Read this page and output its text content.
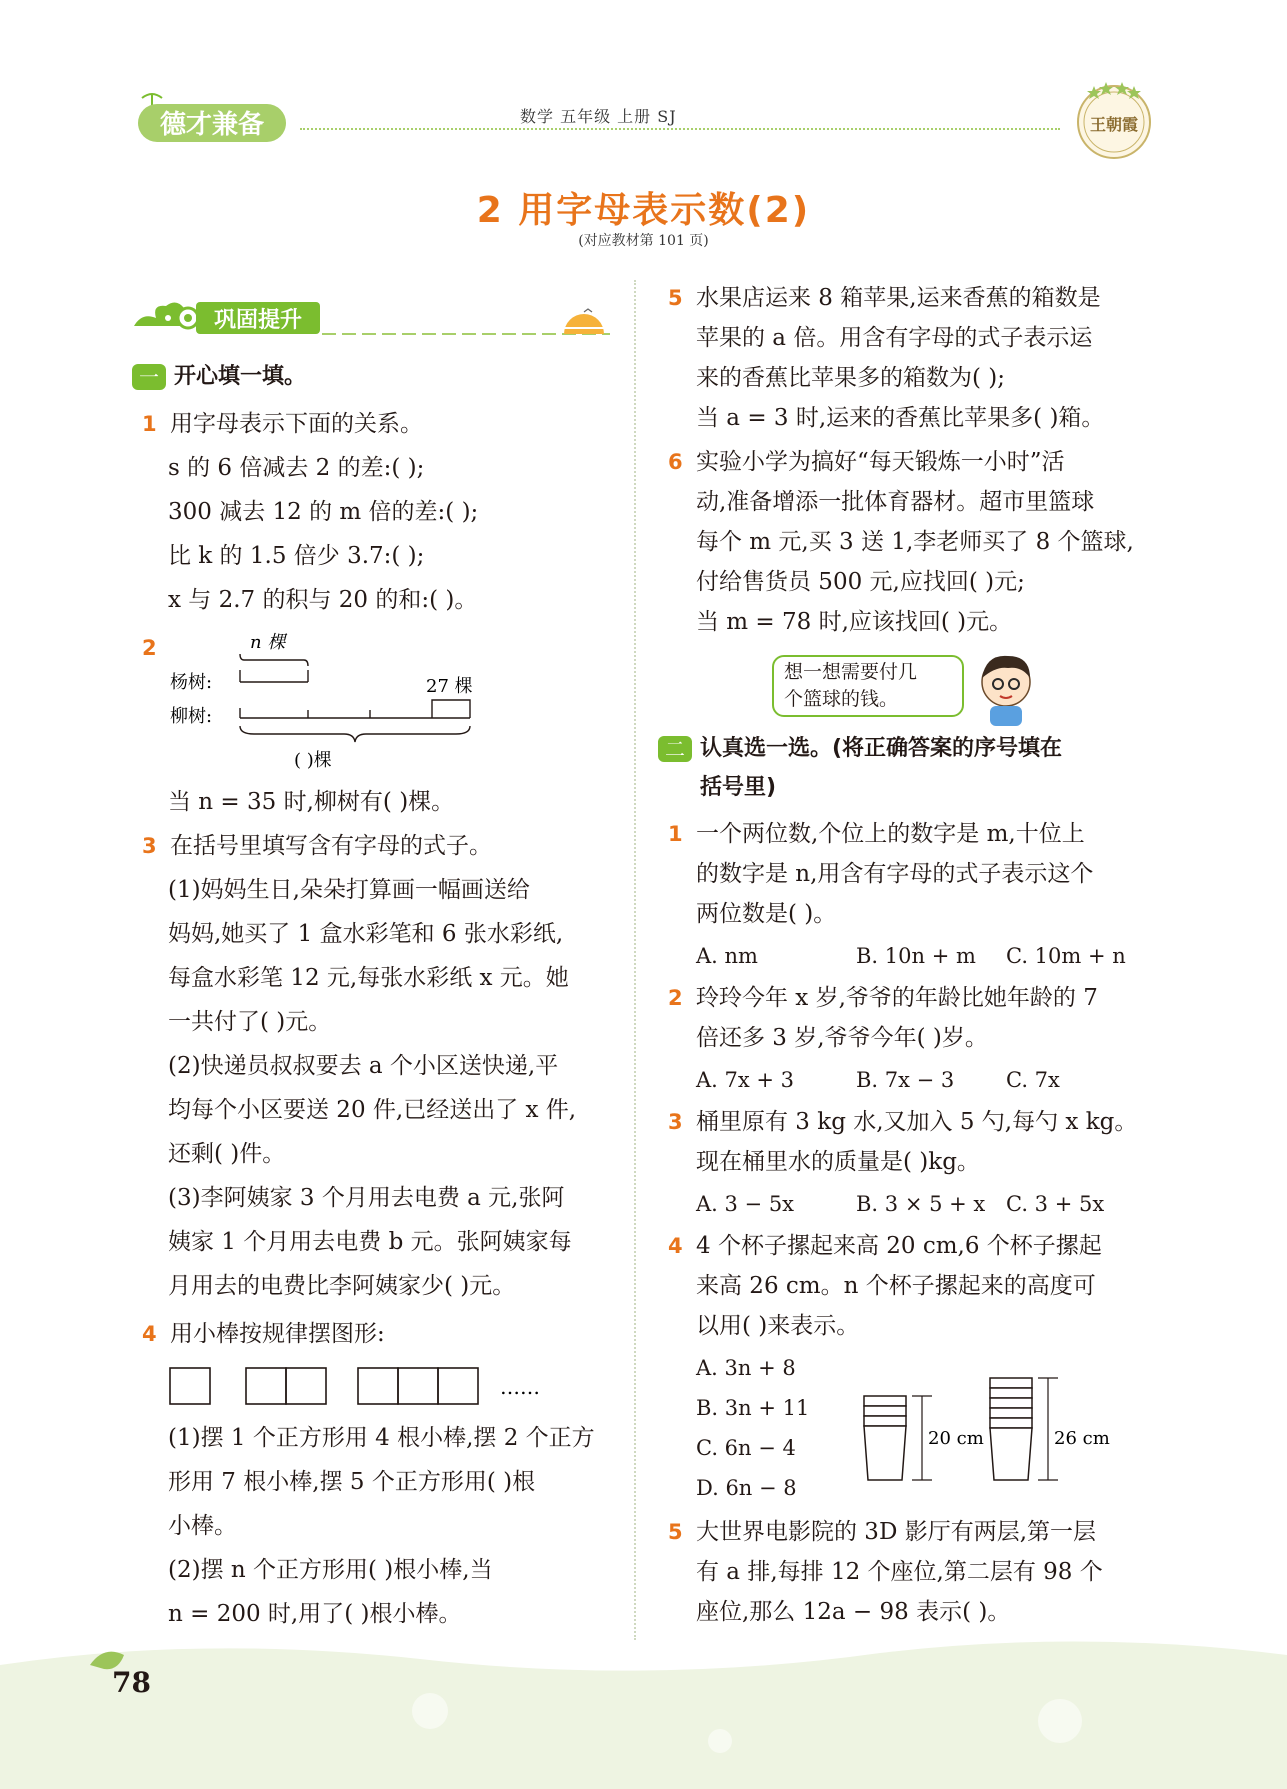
德才兼备	数学 五年级 上册 SJ	王朝霞
2 用字母表示数(2)
(对应教材第 101 页)
巩固提升
一 开心填一填。
1 用字母表示下面的关系。
s 的 6 倍减去 2 的差:( );
300 减去 12 的 m 倍的差:( );
比 k 的 1.5 倍少 3.7:( );
x 与 2.7 的积与 20 的和:( )。
2	n 棵
杨树:	27 棵
柳树:
( )棵
当 n = 35 时,柳树有( )棵。
3 在括号里填写含有字母的式子。
(1)妈妈生日,朵朵打算画一幅画送给
妈妈,她买了 1 盒水彩笔和 6 张水彩纸,
每盒水彩笔 12 元,每张水彩纸 x 元。她
一共付了( )元。
(2)快递员叔叔要去 a 个小区送快递,平
均每个小区要送 20 件,已经送出了 x 件,
还剩( )件。
(3)李阿姨家 3 个月用去电费 a 元,张阿
姨家 1 个月用去电费 b 元。张阿姨家每
月用去的电费比李阿姨家少( )元。
4 用小棒按规律摆图形:
……
(1)摆 1 个正方形用 4 根小棒,摆 2 个正方
形用 7 根小棒,摆 5 个正方形用( )根
小棒。
(2)摆 n 个正方形用( )根小棒,当
n = 200 时,用了( )根小棒。
5 水果店运来 8 箱苹果,运来香蕉的箱数是
苹果的 a 倍。用含有字母的式子表示运
来的香蕉比苹果多的箱数为( );
当 a = 3 时,运来的香蕉比苹果多( )箱。
6 实验小学为搞好“每天锻炼一小时”活
动,准备增添一批体育器材。超市里篮球
每个 m 元,买 3 送 1,李老师买了 8 个篮球,
付给售货员 500 元,应找回( )元;
当 m = 78 时,应该找回( )元。
想一想需要付几
个篮球的钱。
二 认真选一选。(将正确答案的序号填在
括号里)
1 一个两位数,个位上的数字是 m,十位上
的数字是 n,用含有字母的式子表示这个
两位数是( )。
A. nm	B. 10n + m C. 10m + n
2 玲玲今年 x 岁,爷爷的年龄比她年龄的 7
倍还多 3 岁,爷爷今年( )岁。
A. 7x + 3	B. 7x − 3 C. 7x
3 桶里原有 3 kg 水,又加入 5 勺,每勺 x kg。
现在桶里水的质量是( )kg。
A. 3 − 5x	B. 3 × 5 + x C. 3 + 5x
4 4 个杯子摞起来高 20 cm,6 个杯子摞起
来高 26 cm。n 个杯子摞起来的高度可
以用( )来表示。
A. 3n + 8
B. 3n + 11
C. 6n − 4
D. 6n − 8
20 cm	26 cm
5 大世界电影院的 3D 影厅有两层,第一层
有 a 排,每排 12 个座位,第二层有 98 个
座位,那么 12a − 98 表示( )。
78
